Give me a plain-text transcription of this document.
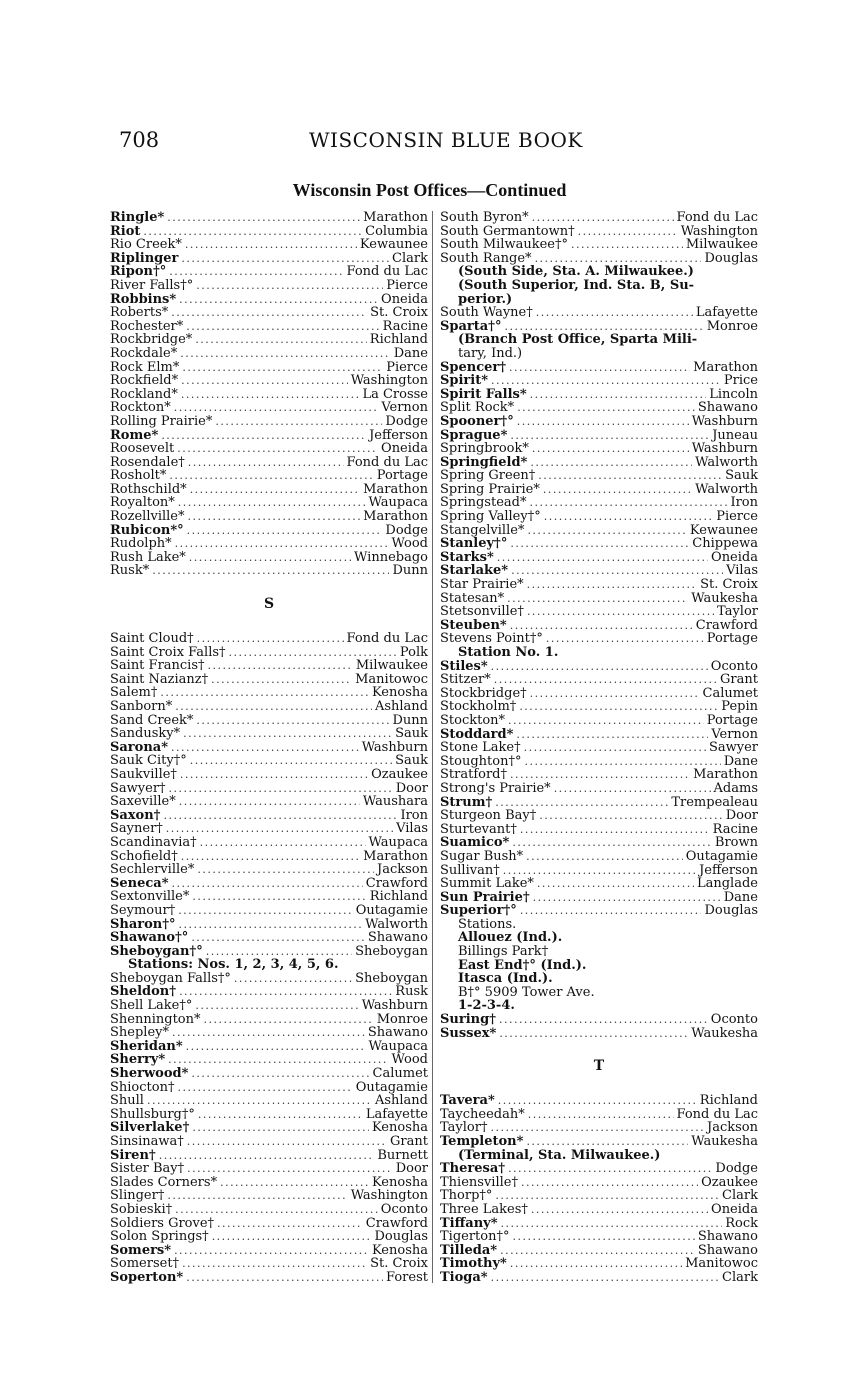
708	WISCONSIN BLUE BOOK
Wisconsin Post Offices—Continued
Ringle* . . .	Marathon
Riot . . .	Columbia
Rio Creek* . . .	Kewaunee
Riplinger . . .	Clark
Ripon†° . . .	Fond du Lac
River Falls†° . . .	Pierce
Robbins* . . .	Oneida
Roberts* . . .	St. Croix
Rochester* . . .	Racine
Rockbridge* . . .	Richland
Rockdale* . . .	Dane
Rock Elm* . . .	Pierce
Rockfield* . . .	Washington
Rockland* . . .	La Crosse
Rockton* . . .	Vernon
Rolling Prairie* . . .	Dodge
Rome* . . .	Jefferson
Roosevelt . . .	Oneida
Rosendale† . . .	Fond du Lac
Rosholt* . . .	Portage
Rothschild* . . .	Marathon
Royalton* . . .	Waupaca
Rozellville* . . .	Marathon
Rubicon*° . . .	Dodge
Rudolph* . . .	Wood
Rush Lake* . . .	Winnebago
Rusk* . . .	Dunn
S
Saint Cloud† . . .	Fond du Lac
Saint Croix Falls† . . .	Polk
Saint Francis† . . .	Milwaukee
Saint Nazianz† . . .	Manitowoc
Salem† . . .	Kenosha
Sanborn* . . .	Ashland
Sand Creek* . . .	Dunn
Sandusky* . . .	Sauk
Sarona* . . .	Washburn
Sauk City†° . . .	Sauk
Saukville† . . .	Ozaukee
Sawyer† . . .	Door
Saxeville* . . .	Waushara
Saxon† . . .	Iron
Sayner† . . .	Vilas
Scandinavia† . . .	Waupaca
Schofield† . . .	Marathon
Sechlerville* . . .	Jackson
Seneca* . . .	Crawford
Sextonville* . . .	Richland
Seymour† . . .	Outagamie
Sharon†° . . .	Walworth
Shawano†° . . .	Shawano
Sheboygan†° . . .	Sheboygan
Stations: Nos. 1, 2, 3, 4, 5, 6.
Sheboygan Falls†° . . .	Sheboygan
Sheldon† . . .	Rusk
Shell Lake†° . . .	Washburn
Shennington* . . .	Monroe
Shepley* . . .	Shawano
Sheridan* . . .	Waupaca
Sherry* . . .	Wood
Sherwood* . . .	Calumet
Shiocton† . . .	Outagamie
Shull . . .	Ashland
Shullsburg†° . . .	Lafayette
Silverlake† . . .	Kenosha
Sinsinawa† . . .	Grant
Siren† . . .	Burnett
Sister Bay† . . .	Door
Slades Corners* . . .	Kenosha
Slinger† . . .	Washington
Sobieski† . . .	Oconto
Soldiers Grove† . . .	Crawford
Solon Springs† . . .	Douglas
Somers* . . .	Kenosha
Somerset† . . .	St. Croix
Soperton* . . .	Forest
South Byron* . . .	Fond du Lac
South Germantown† . . .	Washington
South Milwaukee†° . . .	Milwaukee
South Range* . . .	Douglas
(South Side, Sta. A. Milwaukee.)
(South Superior, Ind. Sta. B, Su-
perior.)
South Wayne† . . .	Lafayette
Sparta†° . . .	Monroe
(Branch Post Office, Sparta Mili-
tary, Ind.)
Spencer† . . .	Marathon
Spirit* . . .	Price
Spirit Falls* . . .	Lincoln
Split Rock* . . .	Shawano
Spooner†° . . .	Washburn
Sprague* . . .	Juneau
Springbrook* . . .	Washburn
Springfield* . . .	Walworth
Spring Green† . . .	Sauk
Spring Prairie* . . .	Walworth
Springstead* . . .	Iron
Spring Valley†° . . .	Pierce
Stangelville* . . .	Kewaunee
Stanley†° . . .	Chippewa
Starks* . . .	Oneida
Starlake* . . .	Vilas
Star Prairie* . . .	St. Croix
Statesan* . . .	Waukesha
Stetsonville† . . .	Taylor
Steuben* . . .	Crawford
Stevens Point†° . . .	Portage
Station No. 1.
Stiles* . . .	Oconto
Stitzer* . . .	Grant
Stockbridge† . . .	Calumet
Stockholm† . . .	Pepin
Stockton* . . .	Portage
Stoddard* . . .	Vernon
Stone Lake† . . .	Sawyer
Stoughton†° . . .	Dane
Stratford† . . .	Marathon
Strong's Prairie* . . .	Adams
Strum† . . .	Trempealeau
Sturgeon Bay† . . .	Door
Sturtevant† . . .	Racine
Suamico* . . .	Brown
Sugar Bush* . . .	Outagamie
Sullivan† . . .	Jefferson
Summit Lake* . . .	Langlade
Sun Prairie† . . .	Dane
Superior†° . . .	Douglas
Stations.
Allouez (Ind.).
Billings Park†
East End†° (Ind.).
Itasca (Ind.).
B†° 5909 Tower Ave.
1-2-3-4.
Suring† . . .	Oconto
Sussex* . . .	Waukesha
T
Tavera* . . .	Richland
Taycheedah* . . .	Fond du Lac
Taylor† . . .	Jackson
Templeton* . . .	Waukesha
(Terminal, Sta. Milwaukee.)
Theresa† . . .	Dodge
Thiensville† . . .	Ozaukee
Thorp†° . . .	Clark
Three Lakes† . . .	Oneida
Tiffany* . . .	Rock
Tigerton†° . . .	Shawano
Tilleda* . . .	Shawano
Timothy* . . .	Manitowoc
Tioga* . . .	Clark
